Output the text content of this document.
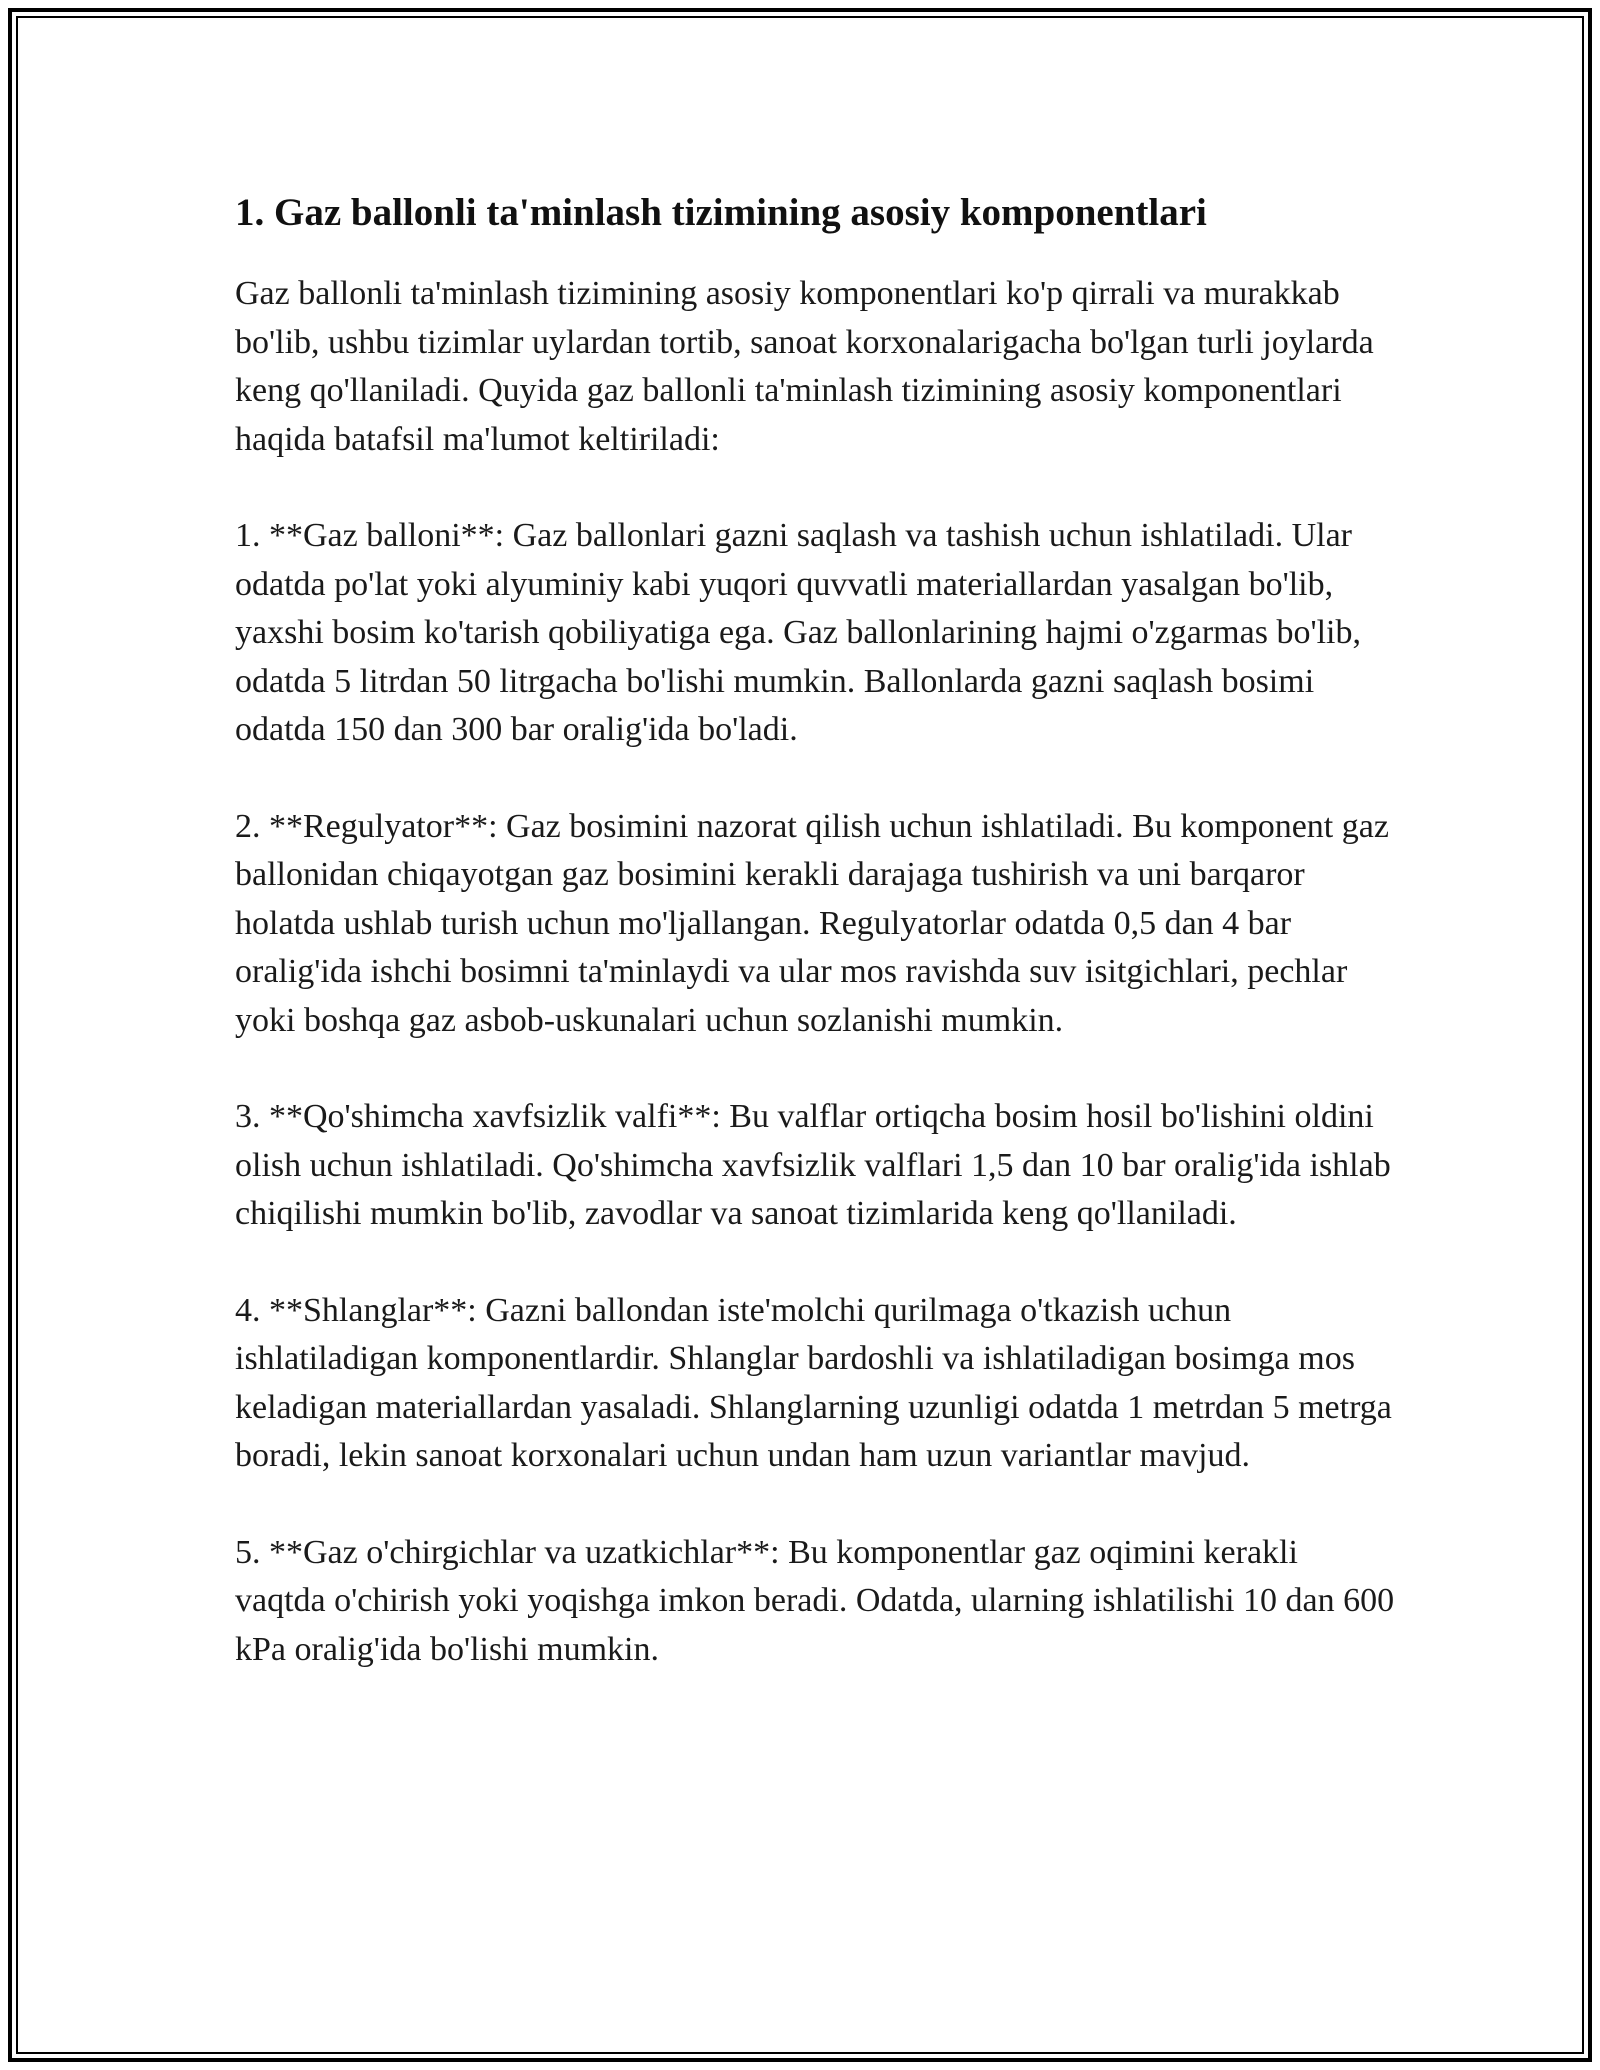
1. Gaz ballonli ta'minlash tizimining asosiy komponentlari

Gaz ballonli ta'minlash tizimining asosiy komponentlari ko'p qirrali va murakkab bo'lib, ushbu tizimlar uylardan tortib, sanoat korxonalarigacha bo'lgan turli joylarda keng qo'llaniladi. Quyida gaz ballonli ta'minlash tizimining asosiy komponentlari haqida batafsil ma'lumot keltiriladi:

1. **Gaz balloni**: Gaz ballonlari gazni saqlash va tashish uchun ishlatiladi. Ular odatda po'lat yoki alyuminiy kabi yuqori quvvatli materiallardan yasalgan bo'lib, yaxshi bosim ko'tarish qobiliyatiga ega. Gaz ballonlarining hajmi o'zgarmas bo'lib, odatda 5 litrdan 50 litrgacha bo'lishi mumkin. Ballonlarda gazni saqlash bosimi odatda 150 dan 300 bar oralig'ida bo'ladi.

2. **Regulyator**: Gaz bosimini nazorat qilish uchun ishlatiladi. Bu komponent gaz ballonidan chiqayotgan gaz bosimini kerakli darajaga tushirish va uni barqaror holatda ushlab turish uchun mo'ljallangan. Regulyatorlar odatda 0,5 dan 4 bar oralig'ida ishchi bosimni ta'minlaydi va ular mos ravishda suv isitgichlari, pechlar yoki boshqa gaz asbob-uskunalari uchun sozlanishi mumkin.

3. **Qo'shimcha xavfsizlik valfi**: Bu valflar ortiqcha bosim hosil bo'lishini oldini olish uchun ishlatiladi. Qo'shimcha xavfsizlik valflari 1,5 dan 10 bar oralig'ida ishlab chiqilishi mumkin bo'lib, zavodlar va sanoat tizimlarida keng qo'llaniladi.

4. **Shlanglar**: Gazni ballondan iste'molchi qurilmaga o'tkazish uchun ishlatiladigan komponentlardir. Shlanglar bardoshli va ishlatiladigan bosimga mos keladigan materiallardan yasaladi. Shlanglarning uzunligi odatda 1 metrdan 5 metrga boradi, lekin sanoat korxonalari uchun undan ham uzun variantlar mavjud.

5. **Gaz o'chirgichlar va uzatkichlar**: Bu komponentlar gaz oqimini kerakli vaqtda o'chirish yoki yoqishga imkon beradi. Odatda, ularning ishlatilishi 10 dan 600 kPa oralig'ida bo'lishi mumkin.
